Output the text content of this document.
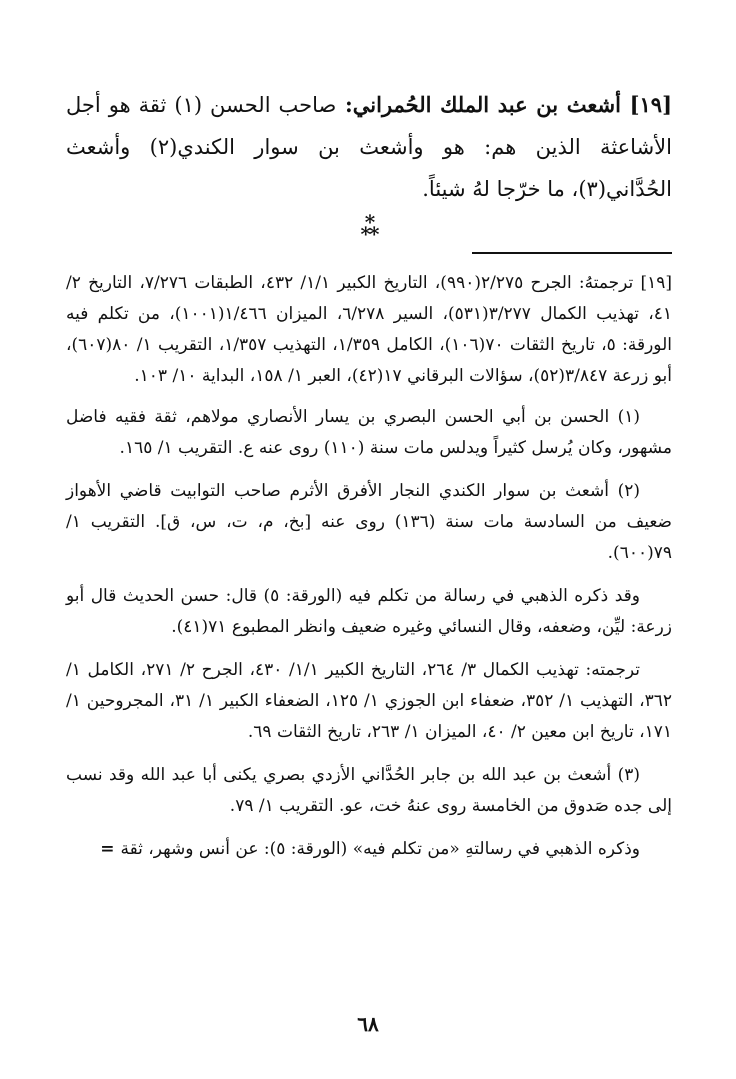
[١٩] أشعث بن عبد الملك الحُمراني: صاحب الحسن (١) ثقة هو أجل الأشاعثة الذين هم: هو وأشعث بن سوار الكندي(٢) وأشعث الحُدَّاني(٣)، ما خرّجا لهُ شيئاً.

*
**

[١٩] ترجمتهُ: الجرح ٢/٢٧٥(٩٩٠)، التاريخ الكبير ١/١/ ٤٣٢، الطبقات ٧/٢٧٦، التاريخ ٢/ ٤١، تهذيب الكمال ٣/٢٧٧(٥٣١)، السير ٦/٢٧٨، الميزان ١/٤٦٦(١٠٠١)، من تكلم فيه الورقة: ٥، تاريخ الثقات ٧٠(١٠٦)، الكامل ١/٣٥٩، التهذيب ١/٣٥٧، التقريب ١/ ٨٠(٦٠٧)، أبو زرعة ٣/٨٤٧(٥٢)، سؤالات البرقاني ١٧(٤٢)، العبر ١/ ١٥٨، البداية ١٠/ ١٠٣.

(١) الحسن بن أبي الحسن البصري بن يسار الأنصاري مولاهم، ثقة فقيه فاضل مشهور، وكان يُرسل كثيراً ويدلس مات سنة (١١٠) روى عنه ع. التقريب ١/ ١٦٥.

(٢) أشعث بن سوار الكندي النجار الأفرق الأثرم صاحب التوابيت قاضي الأهواز ضعيف من السادسة مات سنة (١٣٦) روى عنه [بخ، م، ت، س، ق]. التقريب ١/ ٧٩(٦٠٠).

وقد ذكره الذهبي في رسالة من تكلم فيه (الورقة: ٥) قال: حسن الحديث قال أبو زرعة: ليِّن، وضعفه، وقال النسائي وغيره ضعيف وانظر المطبوع ٧١(٤١).

ترجمته: تهذيب الكمال ٣/ ٢٦٤، التاريخ الكبير ١/١/ ٤٣٠، الجرح ٢/ ٢٧١، الكامل ١/ ٣٦٢، التهذيب ١/ ٣٥٢، ضعفاء ابن الجوزي ١/ ١٢٥، الضعفاء الكبير ١/ ٣١، المجروحين ١/ ١٧١، تاريخ ابن معين ٢/ ٤٠، الميزان ١/ ٢٦٣، تاريخ الثقات ٦٩.

(٣) أشعث بن عبد الله بن جابر الحُدَّاني الأزدي بصري يكنى أبا عبد الله وقد نسب إلى جده صَدوق من الخامسة روى عنهُ خت، عو. التقريب ١/ ٧٩.

وذكره الذهبي في رسالتهِ «من تكلم فيه» (الورقة: ٥): عن أنس وشهر، ثقة=

٦٨
